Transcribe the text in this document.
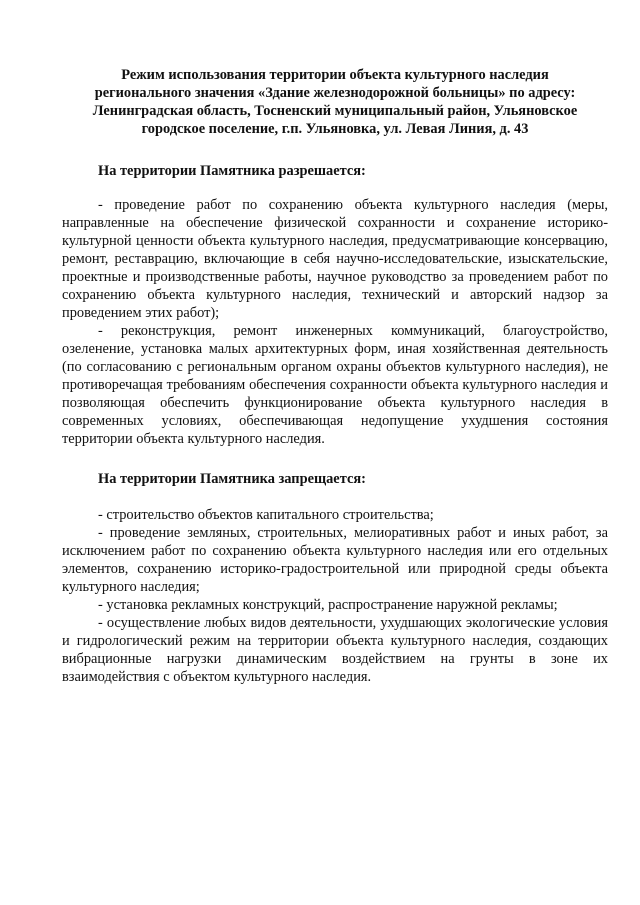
Режим использования территории объекта культурного наследия
регионального значения «Здание железнодорожной больницы» по адресу:
Ленинградская область, Тосненский муниципальный район, Ульяновское
городское поселение, г.п. Ульяновка, ул. Левая Линия, д. 43

На территории Памятника разрешается:

- проведение работ по сохранению объекта культурного наследия (меры, направленные на обеспечение физической сохранности и сохранение историко-культурной ценности объекта культурного наследия, предусматривающие консервацию, ремонт, реставрацию, включающие в себя научно-исследовательские, изыскательские, проектные и производственные работы, научное руководство за проведением работ по сохранению объекта культурного наследия, технический и авторский надзор за проведением этих работ);

- реконструкция, ремонт инженерных коммуникаций, благоустройство, озеленение, установка малых архитектурных форм, иная хозяйственная деятельность (по согласованию с региональным органом охраны объектов культурного наследия), не противоречащая требованиям обеспечения сохранности объекта культурного наследия и позволяющая обеспечить функционирование объекта культурного наследия в современных условиях, обеспечивающая недопущение ухудшения состояния территории объекта культурного наследия.

На территории Памятника запрещается:

- строительство объектов капитального строительства;

- проведение земляных, строительных, мелиоративных работ и иных работ, за исключением работ по сохранению объекта культурного наследия или его отдельных элементов, сохранению историко-градостроительной или природной среды объекта культурного наследия;

- установка рекламных конструкций, распространение наружной рекламы;

- осуществление любых видов деятельности, ухудшающих экологические условия и гидрологический режим на территории объекта культурного наследия, создающих вибрационные нагрузки динамическим воздействием на грунты в зоне их взаимодействия с объектом культурного наследия.
